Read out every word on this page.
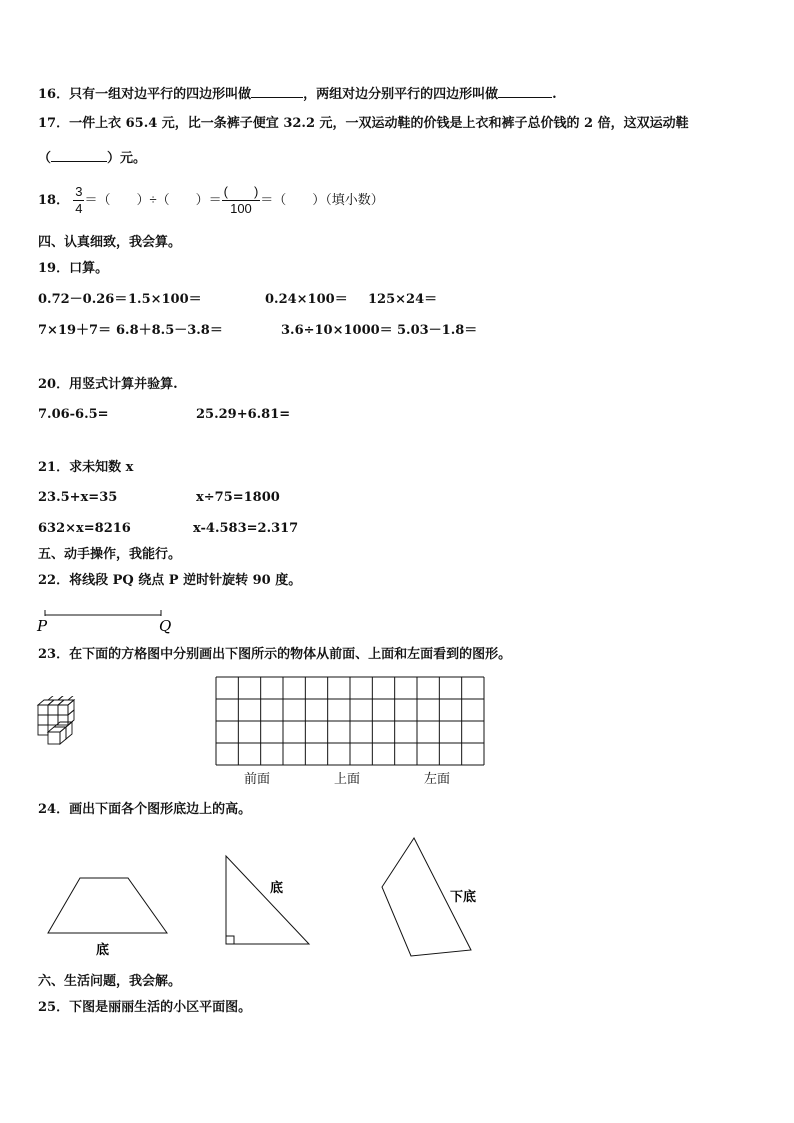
16．只有一组对边平行的四边形叫做	，两组对边分别平行的四边形叫做	.
17．一件上衣 65.4 元，比一条裤子便宜 32.2 元，一双运动鞋的价钱是上衣和裤子总价钱的 2 倍，这双运动鞋
（	）元。
18． $\frac{3}{4}$ ＝（　　）÷（　　）＝ $\frac{( )}{100}$ ＝（　　）（填小数）
四、认真细致，我会算。
19．口算。
0.72－0.26＝ 1.5×100＝	0.24×100＝ 125×24＝
7×19＋7＝ 6.8＋8.5－3.8＝	3.6÷10×1000＝ 5.03－1.8＝
20．用竖式计算并验算.
7.06-6.5=	25.29+6.81=
21．求未知数 x
23.5+x=35	x÷75=1800
632×x=8216	x-4.583=2.317
五、动手操作，我能行。
22．将线段 PQ 绕点 P 逆时针旋转 90 度。
P	Q
23．在下面的方格图中分别画出下图所示的物体从前面、上面和左面看到的图形。
前面	上面	左面
24．画出下面各个图形底边上的高。
底
底
下底
六、生活问题，我会解。
25．下图是丽丽生活的小区平面图。
